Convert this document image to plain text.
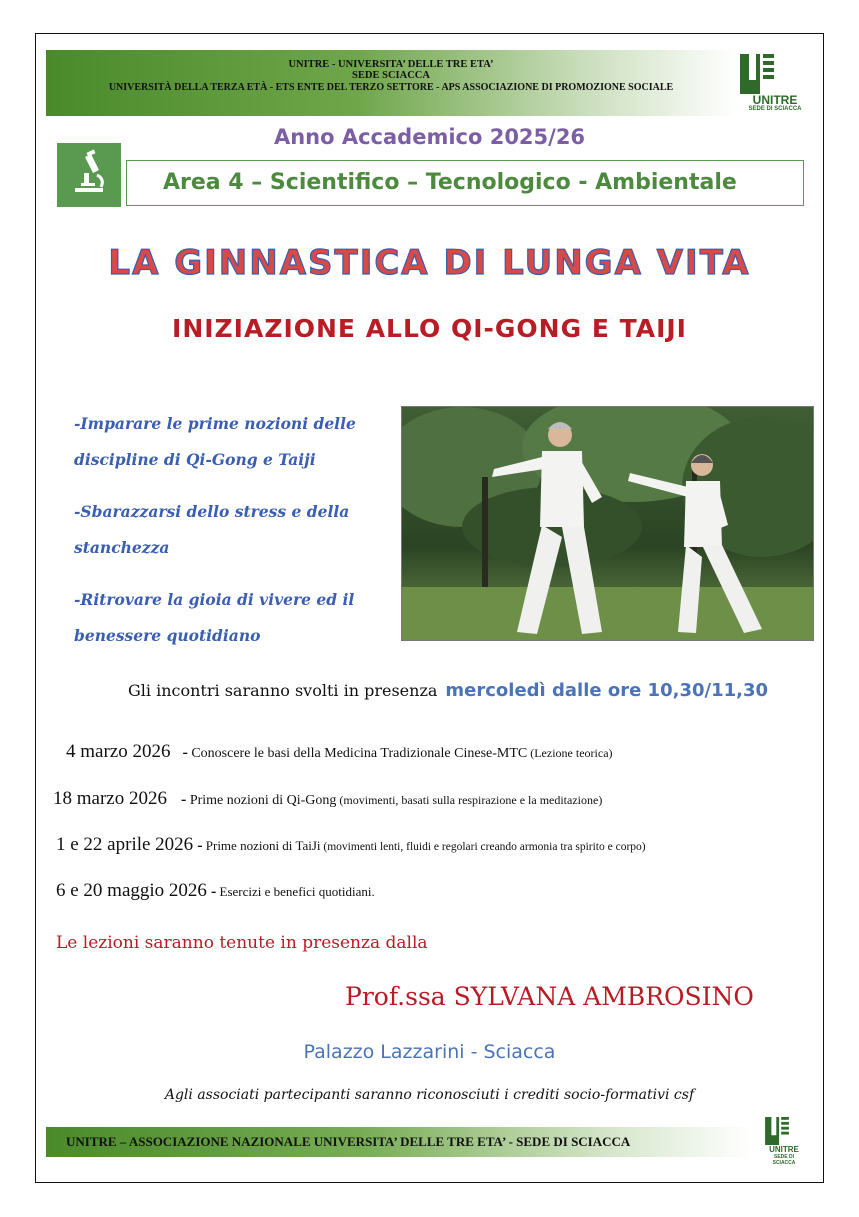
UNITRE - UNIVERSITA’ DELLE TRE ETA’
SEDE SCIACCA
UNIVERSITÀ DELLA TERZA ETÀ - ETS ENTE DEL TERZO SETTORE - APS ASSOCIAZIONE DI PROMOZIONE SOCIALE
UNITRE
SEDE DI SCIACCA
Anno Accademico 2025/26
Area 4 – Scientifico – Tecnologico - Ambientale
LA GINNASTICA DI LUNGA VITA
INIZIAZIONE ALLO QI-GONG E TAIJI

-Imparare le prime nozioni delle
discipline di Qi-Gong e Taiji

-Sbarazzarsi dello stress e della
stanchezza

-Ritrovare la gioia di vivere ed il
benessere quotidiano

Gli incontri saranno svolti in presenza mercoledì dalle ore 10,30/11,30
4 marzo 2026 - Conoscere le basi della Medicina Tradizionale Cinese-MTC (Lezione teorica)
18 marzo 2026 - Prime nozioni di Qi-Gong (movimenti, basati sulla respirazione e la meditazione)
1 e 22 aprile 2026 - Prime nozioni di TaiJi (movimenti lenti, fluidi e regolari creando armonia tra spirito e corpo)
6 e 20 maggio 2026 - Esercizi e benefici quotidiani.
Le lezioni saranno tenute in presenza dalla
Prof.ssa SYLVANA AMBROSINO
Palazzo Lazzarini - Sciacca
Agli associati partecipanti saranno riconosciuti i crediti socio-formativi csf
UNITRE – ASSOCIAZIONE NAZIONALE UNIVERSITA’ DELLE TRE ETA’ - SEDE DI SCIACCA
UNITRE
SEDE DI SCIACCA
